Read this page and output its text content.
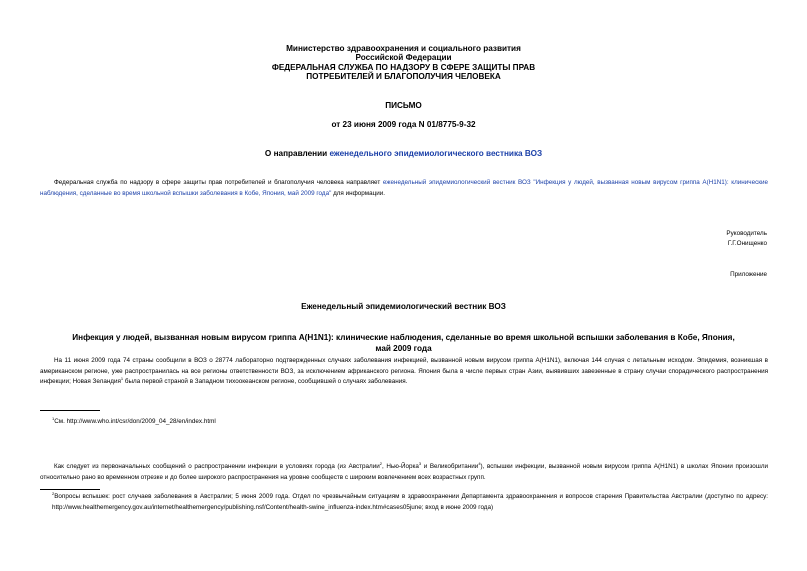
Министерство здравоохранения и социального развития
Российской Федерации
ФЕДЕРАЛЬНАЯ СЛУЖБА ПО НАДЗОРУ В СФЕРЕ ЗАЩИТЫ ПРАВ
ПОТРЕБИТЕЛЕЙ И БЛАГОПОЛУЧИЯ ЧЕЛОВЕКА
ПИСЬМО
от 23 июня 2009 года N 01/8775-9-32
О направлении еженедельного эпидемиологического вестника ВОЗ
Федеральная служба по надзору в сфере защиты прав потребителей и благополучия человека направляет еженедельный эпидемиологический вестник ВОЗ "Инфекция у людей, вызванная новым вирусом гриппа A(H1N1): клинические наблюдения, сделанные во время школьной вспышки заболевания в Кобе, Япония, май 2009 года" для информации.
Руководитель
Г.Г.Онищенко
Приложение
Еженедельный эпидемиологический вестник ВОЗ
Инфекция у людей, вызванная новым вирусом гриппа A(H1N1): клинические наблюдения, сделанные во время школьной вспышки заболевания в Кобе, Япония,
май 2009 года
На 11 июня 2009 года 74 страны сообщили в ВОЗ о 28774 лабораторно подтвержденных случаях заболевания инфекцией, вызванной новым вирусом гриппа A(H1N1), включая 144 случая с летальным исходом. Эпидемия, возникшая в американском регионе, уже распространилась на все регионы ответственности ВОЗ, за исключением африканского региона. Япония была в числе первых стран Азии, выявивших завезенные в страну случаи спорадического распространения инфекции; Новая Зеландия$^1$ была первой страной в Западном тихоокеанском регионе, сообщившей о случаях заболевания.
$^1$См. http://www.who.int/csr/don/2009_04_28/en/index.html
Как следует из первоначальных сообщений о распространении инфекции в условиях города (из Австралии$^2$, Нью-Йорка$^3$ и Великобритании$^4$), вспышки инфекции, вызванной новым вирусом гриппа A(H1N1) в школах Японии произошли относительно рано во временном отрезке и до более широкого распространения на уровне сообществ с широким вовлечением всех возрастных групп.
$^2$Вопросы вспышек: рост случаев заболевания в Австралии; 5 июня 2009 года. Отдел по чрезвычайным ситуациям в здравоохранении Департамента здравоохранения и вопросов старения Правительства Австралии (доступно по адресу: http://www.healthemergency.gov.au/internet/healthemergency/publishing.nsf/Content/health-swine_influenza-index.htm#cases05june; вход в июне 2009 года)
